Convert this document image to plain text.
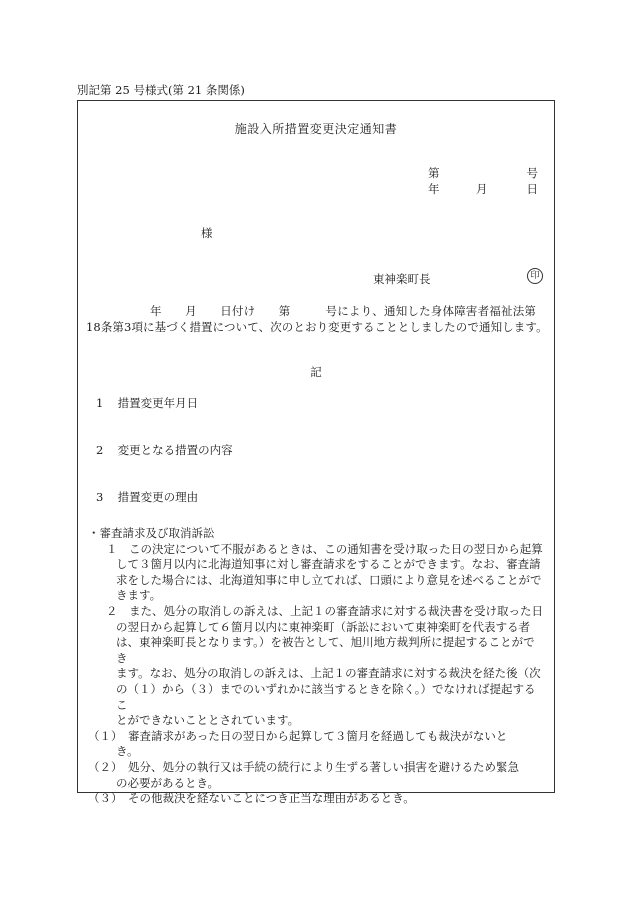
別記第 25 号様式(第 21 条関係)
施設入所措置変更決定通知書
第	号
年	月	日
様
東神楽町長	印
年　　月　　日付け　　第　　　号により、通知した身体障害者福祉法第
18条第3項に基づく措置について、次のとおり変更することとしましたので通知します。
記
1 措置変更年月日
2 変更となる措置の内容
3 措置変更の理由
・審査請求及び取消訴訟
１　この決定について不服があるときは、この通知書を受け取った日の翌日から起算
して３箇月以内に北海道知事に対し審査請求をすることができます。なお、審査請
求をした場合には、北海道知事に申し立てれば、口頭により意見を述べることがで
きます。
２　また、処分の取消しの訴えは、上記１の審査請求に対する裁決書を受け取った日
の翌日から起算して６箇月以内に東神楽町（訴訟において東神楽町を代表する者
は、東神楽町長となります。）を被告として、旭川地方裁判所に提起することができ
ます。なお、処分の取消しの訴えは、上記１の審査請求に対する裁決を経た後（次
の（１）から（３）までのいずれかに該当するときを除く。）でなければ提起するこ
とができないこととされています。
（１） 審査請求があった日の翌日から起算して３箇月を経過しても裁決がないと
き。
（２） 処分、処分の執行又は手続の続行により生ずる著しい損害を避けるため緊急
の必要があるとき。
（３） その他裁決を経ないことにつき正当な理由があるとき。
